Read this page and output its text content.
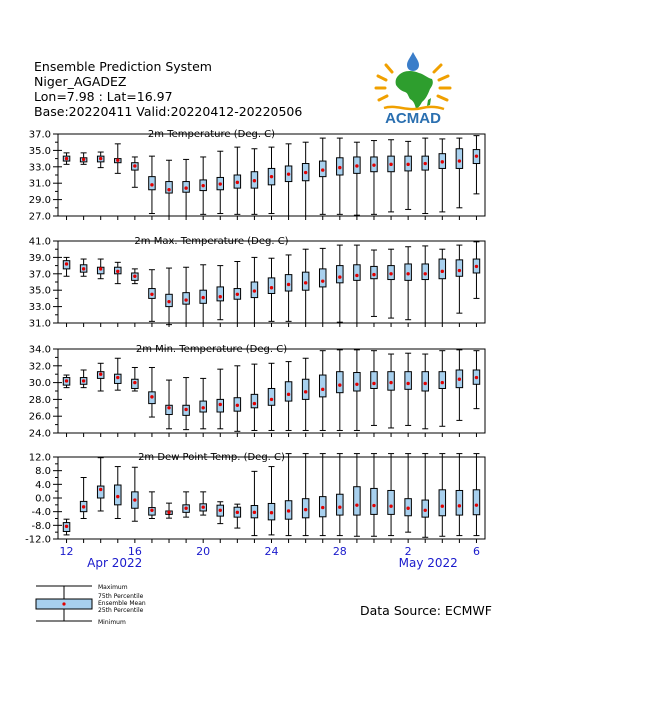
Ensemble Prediction System
Niger_AGADEZ
Lon=7.98 : Lat=16.97
Base:20220411 Valid:20220412-20220506	ACMAD
2m Temperature (Deg. C)
27.0
29.0
31.0
33.0
35.0
37.0
2m Max. Temperature (Deg. C)
31.0
33.0
35.0
37.0
39.0
41.0
2m Min. Temperature (Deg. C)
24.0
26.0
28.0
30.0
32.0
34.0
2m Dew Point Temp. (Deg. C)
-12.0
-8.0
-4.0
0.0
4.0
8.0
12.0
12	16	20	24	28	2	6
Apr 2022	May 2022
Maximum
75th Percentile
Ensemble Mean
25th Percentile
Minimum
Data Source: ECMWF
